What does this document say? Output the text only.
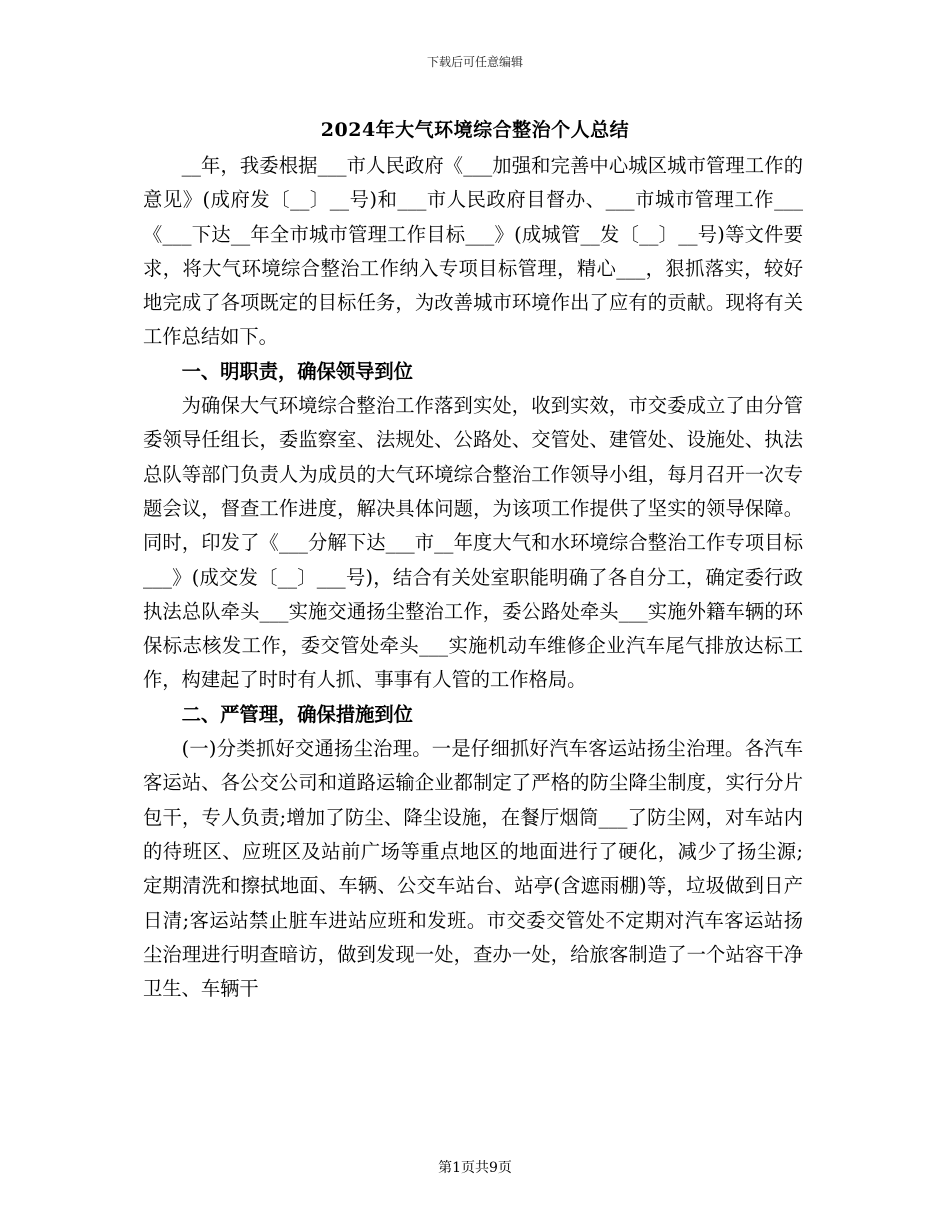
下载后可任意编辑
2024年大气环境综合整治个人总结

__年，我委根据___市人民政府《___加强和完善中心城区城市管理工作的意见》(成府发〔__〕__号)和___市人民政府目督办、___市城市管理工作___《___下达__年全市城市管理工作目标___》(成城管__发〔__〕__号)等文件要求，将大气环境综合整治工作纳入专项目标管理，精心___，狠抓落实，较好地完成了各项既定的目标任务，为改善城市环境作出了应有的贡献。现将有关工作总结如下。

一、明职责，确保领导到位

为确保大气环境综合整治工作落到实处，收到实效，市交委成立了由分管委领导任组长，委监察室、法规处、公路处、交管处、建管处、设施处、执法总队等部门负责人为成员的大气环境综合整治工作领导小组，每月召开一次专题会议，督查工作进度，解决具体问题，为该项工作提供了坚实的领导保障。同时，印发了《___分解下达___市__年度大气和水环境综合整治工作专项目标___》(成交发〔__〕___号)，结合有关处室职能明确了各自分工，确定委行政执法总队牵头___实施交通扬尘整治工作，委公路处牵头___实施外籍车辆的环保标志核发工作，委交管处牵头___实施机动车维修企业汽车尾气排放达标工作，构建起了时时有人抓、事事有人管的工作格局。

二、严管理，确保措施到位

(一)分类抓好交通扬尘治理。一是仔细抓好汽车客运站扬尘治理。各汽车客运站、各公交公司和道路运输企业都制定了严格的防尘降尘制度，实行分片包干，专人负责;增加了防尘、降尘设施，在餐厅烟筒___了防尘网，对车站内的待班区、应班区及站前广场等重点地区的地面进行了硬化，减少了扬尘源;定期清洗和擦拭地面、车辆、公交车站台、站亭(含遮雨棚)等，垃圾做到日产日清;客运站禁止脏车进站应班和发班。市交委交管处不定期对汽车客运站扬尘治理进行明查暗访，做到发现一处，查办一处，给旅客制造了一个站容干净卫生、车辆干

第1页共9页
